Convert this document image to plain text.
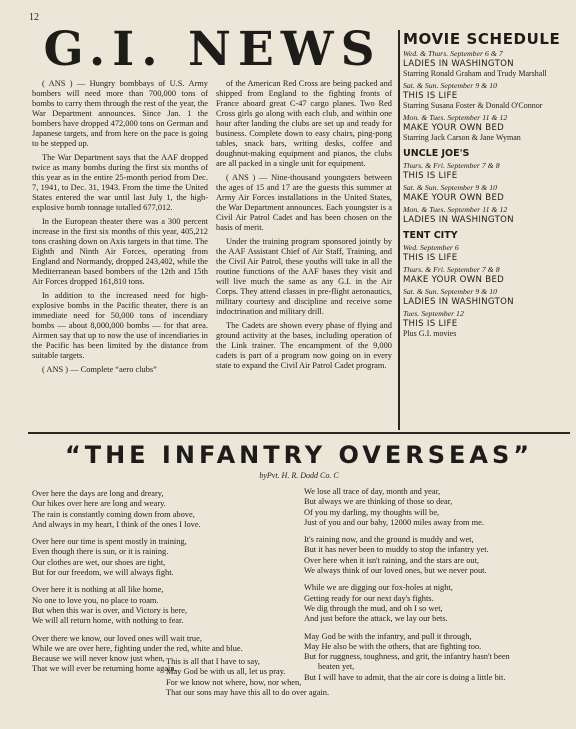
12
G.I. NEWS

( ANS ) — Hungry bombbays of U.S. Army bombers will need more than 700,000 tons of bombs to carry them through the rest of the year, the War Department announces. Since Jan. 1 the bombers have dropped 472,000 tons on German and Japanese targets, and from here on the pace is going to be stepped up.

The War Department says that the AAF dropped twice as many bombs during the first six months of this year as in the entire 25-month period from Dec. 7, 1941, to Dec. 31, 1943. From the time the United States entered the war until last July 1, the high-explosive bomb tonnage totalled 677,012.

In the European theater there was a 300 percent increase in the first six months of this year, 405,212 tons crashing down on Axis targets in that time. The Eighth and Ninth Air Forces, operating from England and Normandy, dropped 243,402, while the Mediterranean based bombers of the 12th and 15th Air Forces dropped 161,810 tons.

In addition to the increased need for high-explosive bombs in the Pacific theater, there is an immediate need for 50,000 tons of incendiary bombs — about 8,000,000 bombs — for that area. Airmen say that up to now the use of incendiaries in the Pacific has been limited by the distance from suitable targets.

( ANS ) — Complete “aero clubs”

of the American Red Cross are being packed and shipped from England to the fighting fronts of France aboard great C-47 cargo planes. Two Red Cross girls go along with each club, and within one hour after landing the clubs are set up and ready for business. Complete down to easy chairs, ping-pong tables, snack bars, writing desks, coffee and doughnut-making equipment and pianos, the clubs are all packed in a single unit for equipment.

( ANS ) — Nine-thousand youngsters between the ages of 15 and 17 are the guests this summer at Army Air Forces installations in the United States, the War Department announces. Each youngster is a Civil Air Patrol Cadet and has been chosen on the basis of merit.

Under the training program sponsored jointly by the AAF Assistant Chief of Air Staff, Training, and the Civil Air Patrol, these youths will take in all the routine functions of the AAF bases they visit and will live much the same as any G.I. in the Air Corps. They attend classes in pre-flight aeronautics, military courtesy and discipline and receive some indoctrination and military drill.

The Cadets are shown every phase of flying and ground activity at the bases, including operation of the Link trainer. The encampment of the 9,000 cadets is part of a program now going on in every state to expand the Civil Air Patrol Cadet program.

MOVIE SCHEDULE
Wed. & Thurs. September 6 & 7
LADIES IN WASHINGTON
Starring Ronald Graham and Trudy Marshall
Sat. & Sun. September 9 & 10
THIS IS LIFE
Starring Susana Foster & Donald O'Connor
Mon. & Tues. September 11 & 12
MAKE YOUR OWN BED
Starring Jack Carson & Jane Wyman
UNCLE JOE'S
Thurs. & Fri. September 7 & 8
THIS IS LIFE
Sat. & Sun. September 9 & 10
MAKE YOUR OWN BED
Mon. & Tues. September 11 & 12
LADIES IN WASHINGTON
TENT CITY
Wed. September 6
THIS IS LIFE
Thurs. & Fri. September 7 & 8
MAKE YOUR OWN BED
Sat. & Sun. September 9 & 10
LADIES IN WASHINGTON
Tues. September 12
THIS IS LIFE
Plus G.I. movies
“THE INFANTRY OVERSEAS”
byPvt. H. R. Dodd Co. C
Over here the days are long and dreary,
Our hikes over here are long and weary.
The rain is constantly coming down from above,
And always in my heart, I think of the ones I love.
Over here our time is spent mostly in training,
Even though there is sun, or it is raining.
Our clothes are wet, our shoes are tight,
But for our freedom, we will always fight.
Over here it is nothing at all like home,
No one to love you, no place to roam.
But when this war is over, and Victory is here,
We will all return home, with nothing to fear.
Over there we know, our loved ones will wait true,
While we are over here, fighting under the red, white and blue.
Because we will never know just when,
That we will ever be returning home again.
We lose all trace of day, month and year,
But always we are thinking of those so dear,
Of you my darling, my thoughts will be,
Just of you and our baby, 12000 miles away from me.
It's raining now, and the ground is muddy and wet,
But it has never been to muddy to stop the infantry yet.
Over here when it isn't raining, and the stars are out,
We always think of our loved ones, but we never pout.
While we are digging our fox-holes at night,
Getting ready for our next day's fights.
We dig through the mud, and oh I so wet,
And just before the attack, we lay our bets.
May God be with the infantry, and pull it through,
May He also be with the others, that are fighting too.
But for ruggness, toughness, and grit, the infantry hasn't been
beaten yet,
But I will have to admit, that the air core is doing a little bit.
This is all that I have to say,
May God be with us all, let us pray.
For we know not where, how, nor when,
That our sons may have this all to do over again.
